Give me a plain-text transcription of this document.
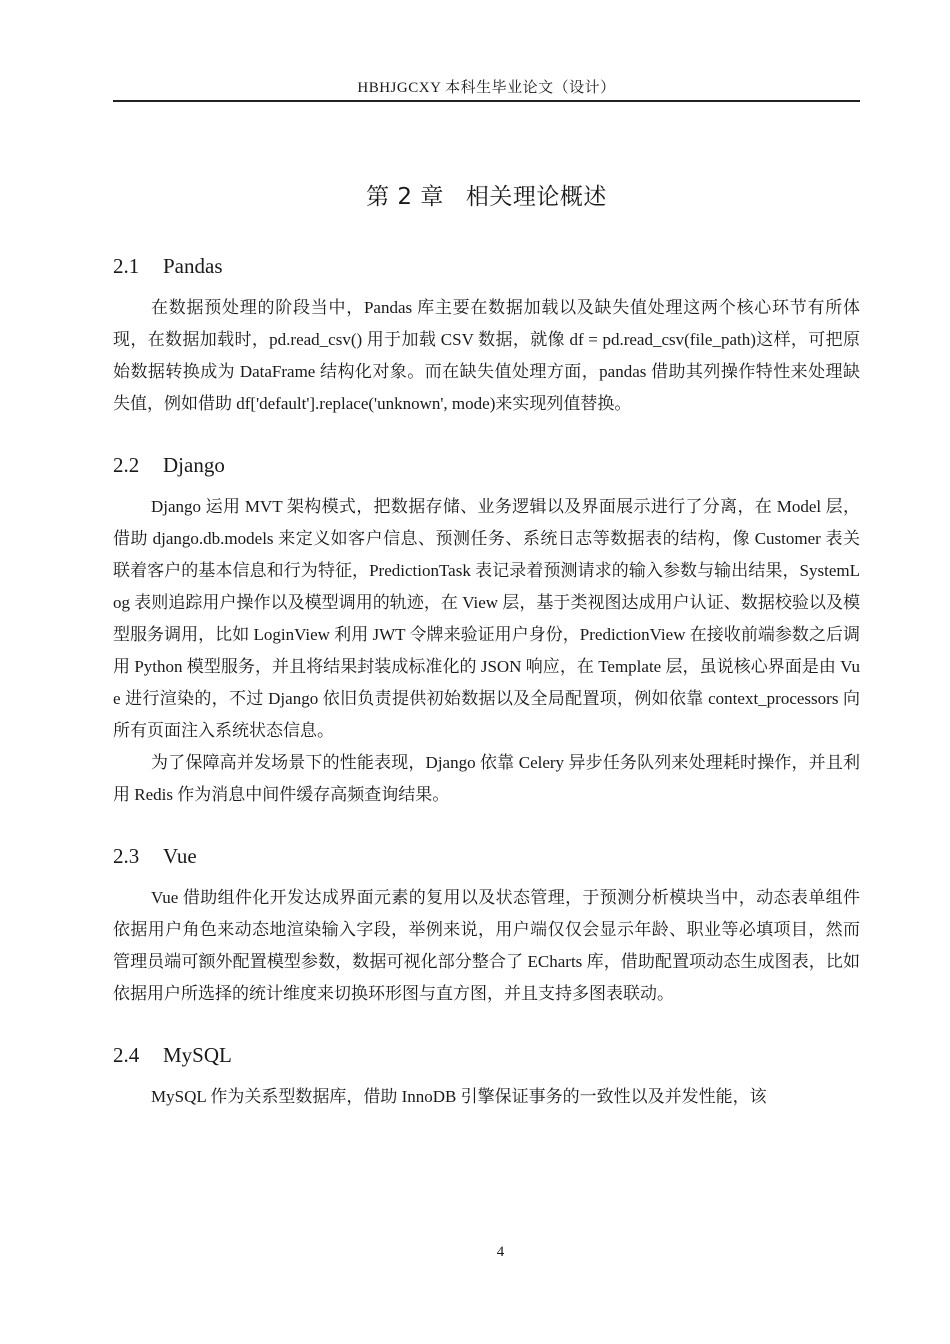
HBHJGCXY 本科生毕业论文（设计）
第 2 章 相关理论概述
2.1 Pandas

在数据预处理的阶段当中，Pandas 库主要在数据加载以及缺失值处理这两个核心环节有所体现，在数据加载时，pd.read_csv() 用于加载 CSV 数据，就像 df = pd.read_csv(file_path)这样，可把原始数据转换成为 DataFrame 结构化对象。而在缺失值处理方面，pandas 借助其列操作特性来处理缺失值，例如借助 df['default'].replace('unknown', mode)来实现列值替换。

2.2 Django

Django 运用 MVT 架构模式，把数据存储、业务逻辑以及界面展示进行了分离，在 Model 层，借助 django.db.models 来定义如客户信息、预测任务、系统日志等数据表的结构，像 Customer 表关联着客户的基本信息和行为特征，PredictionTask 表记录着预测请求的输入参数与输出结果，SystemLog 表则追踪用户操作以及模型调用的轨迹，在 View 层，基于类视图达成用户认证、数据校验以及模型服务调用，比如 LoginView 利用 JWT 令牌来验证用户身份，PredictionView 在接收前端参数之后调用 Python 模型服务，并且将结果封装成标准化的 JSON 响应，在 Template 层，虽说核心界面是由 Vue 进行渲染的，不过 Django 依旧负责提供初始数据以及全局配置项，例如依靠 context_processors 向所有页面注入系统状态信息。

为了保障高并发场景下的性能表现，Django 依靠 Celery 异步任务队列来处理耗时操作，并且利用 Redis 作为消息中间件缓存高频查询结果。

2.3 Vue

Vue 借助组件化开发达成界面元素的复用以及状态管理，于预测分析模块当中，动态表单组件依据用户角色来动态地渲染输入字段，举例来说，用户端仅仅会显示年龄、职业等必填项目，然而管理员端可额外配置模型参数，数据可视化部分整合了 ECharts 库，借助配置项动态生成图表，比如依据用户所选择的统计维度来切换环形图与直方图，并且支持多图表联动。

2.4 MySQL

MySQL 作为关系型数据库，借助 InnoDB 引擎保证事务的一致性以及并发性能，该

4
